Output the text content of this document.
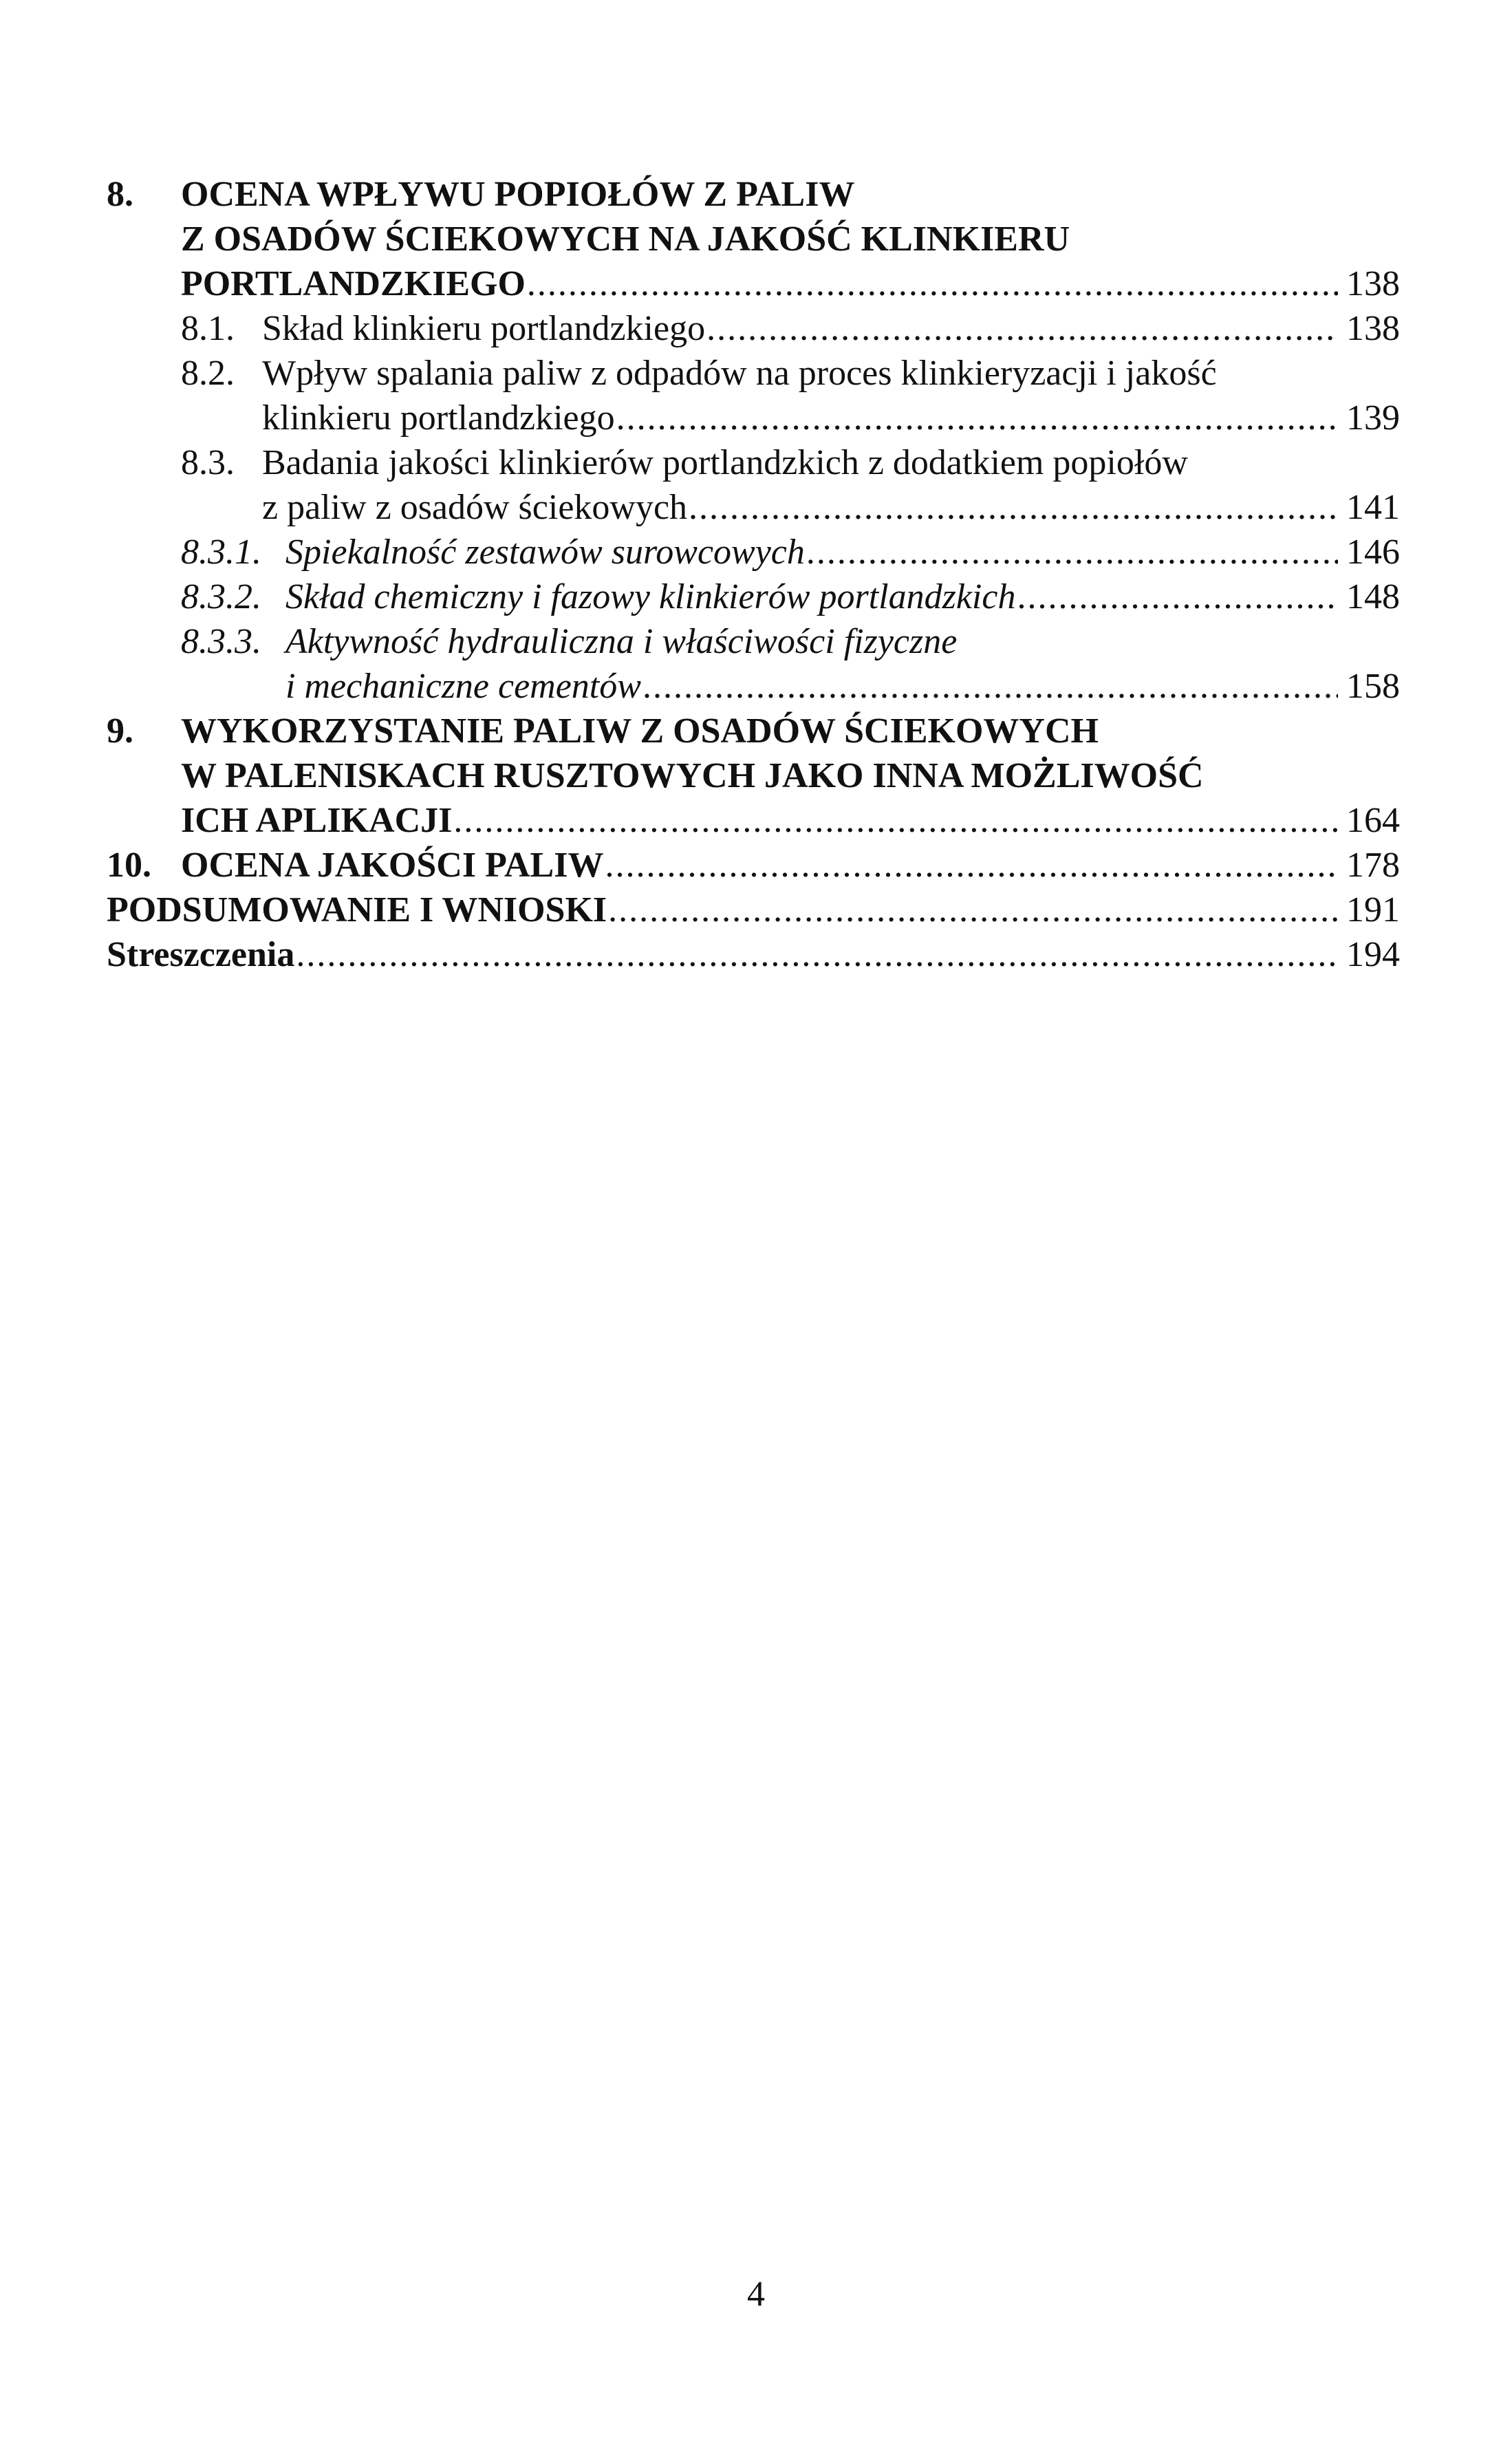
8.	OCENA WPŁYWU POPIOŁÓW Z PALIW
Z OSADÓW ŚCIEKOWYCH NA JAKOŚĆ KLINKIERU
PORTLANDZKIEGO .....	138
8.1. Skład klinkieru portlandzkiego .....	138
8.2. Wpływ spalania paliw z odpadów na proces klinkieryzacji i jakość
klinkieru portlandzkiego .....	139
8.3. Badania jakości klinkierów portlandzkich z dodatkiem popiołów
z paliw z osadów ściekowych .....	141
8.3.1. Spiekalność zestawów surowcowych .....	146
8.3.2. Skład chemiczny i fazowy klinkierów portlandzkich .....	148
8.3.3. Aktywność hydrauliczna i właściwości fizyczne
i mechaniczne cementów .....	158
9.	WYKORZYSTANIE PALIW Z OSADÓW ŚCIEKOWYCH
W PALENISKACH RUSZTOWYCH JAKO INNA MOŻLIWOŚĆ
ICH APLIKACJI .....	164
10. OCENA JAKOŚCI PALIW .....	178
PODSUMOWANIE I WNIOSKI .....	191
Streszczenia .....	194
4
